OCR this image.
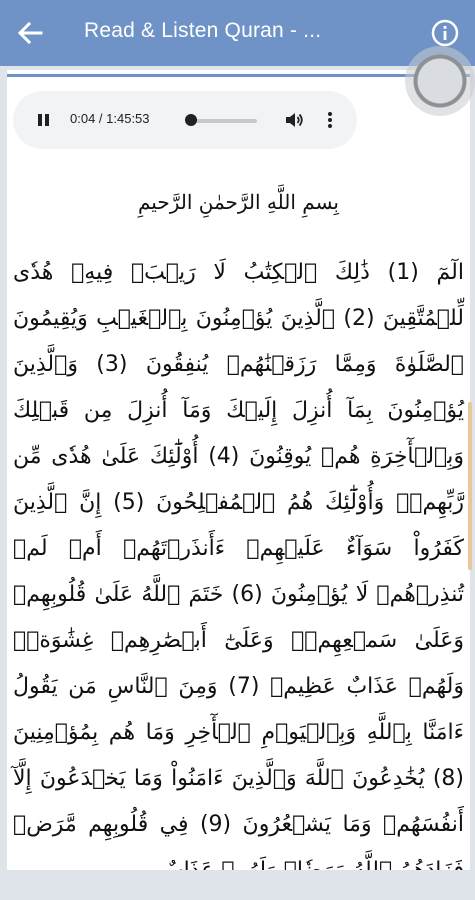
Read & Listen Quran - ...
0:04 / 1:45:53
بِسمِ اللَّهِ الرَّحمٰنِ الرَّحيمِ
الٓمٓ (1) ذَٰلِكَ ٱلۡكِتَٰبُ لَا رَيۡبَۛ فِيهِۛ هُدٗى لِّلۡمُتَّقِينَ (2) ٱلَّذِينَ يُؤۡمِنُونَ بِٱلۡغَيۡبِ وَيُقِيمُونَ ٱلصَّلَوٰةَ وَمِمَّا رَزَقۡنَٰهُمۡ يُنفِقُونَ (3) وَٱلَّذِينَ يُؤۡمِنُونَ بِمَآ أُنزِلَ إِلَيۡكَ وَمَآ أُنزِلَ مِن قَبۡلِكَ وَبِٱلۡأٓخِرَةِ هُمۡ يُوقِنُونَ (4) أُوْلَٰٓئِكَ عَلَىٰ هُدٗى مِّن رَّبِّهِمۡۖ وَأُوْلَٰٓئِكَ هُمُ ٱلۡمُفۡلِحُونَ (5) إِنَّ ٱلَّذِينَ كَفَرُواْ سَوَآءٌ عَلَيۡهِمۡ ءَأَنذَرۡتَهُمۡ أَمۡ لَمۡ تُنذِرۡهُمۡ لَا يُؤۡمِنُونَ (6) خَتَمَ ٱللَّهُ عَلَىٰ قُلُوبِهِمۡ وَعَلَىٰ سَمۡعِهِمۡۖ وَعَلَىٰٓ أَبۡصَٰرِهِمۡ غِشَٰوَةٞۖ وَلَهُمۡ عَذَابٌ عَظِيمٞ (7) وَمِنَ ٱلنَّاسِ مَن يَقُولُ ءَامَنَّا بِٱللَّهِ وَبِٱلۡيَوۡمِ ٱلۡأٓخِرِ وَمَا هُم بِمُؤۡمِنِينَ (8) يُخَٰدِعُونَ ٱللَّهَ وَٱلَّذِينَ ءَامَنُواْ وَمَا يَخۡدَعُونَ إِلَّآ أَنفُسَهُمۡ وَمَا يَشۡعُرُونَ (9) فِي قُلُوبِهِم مَّرَضٞ
